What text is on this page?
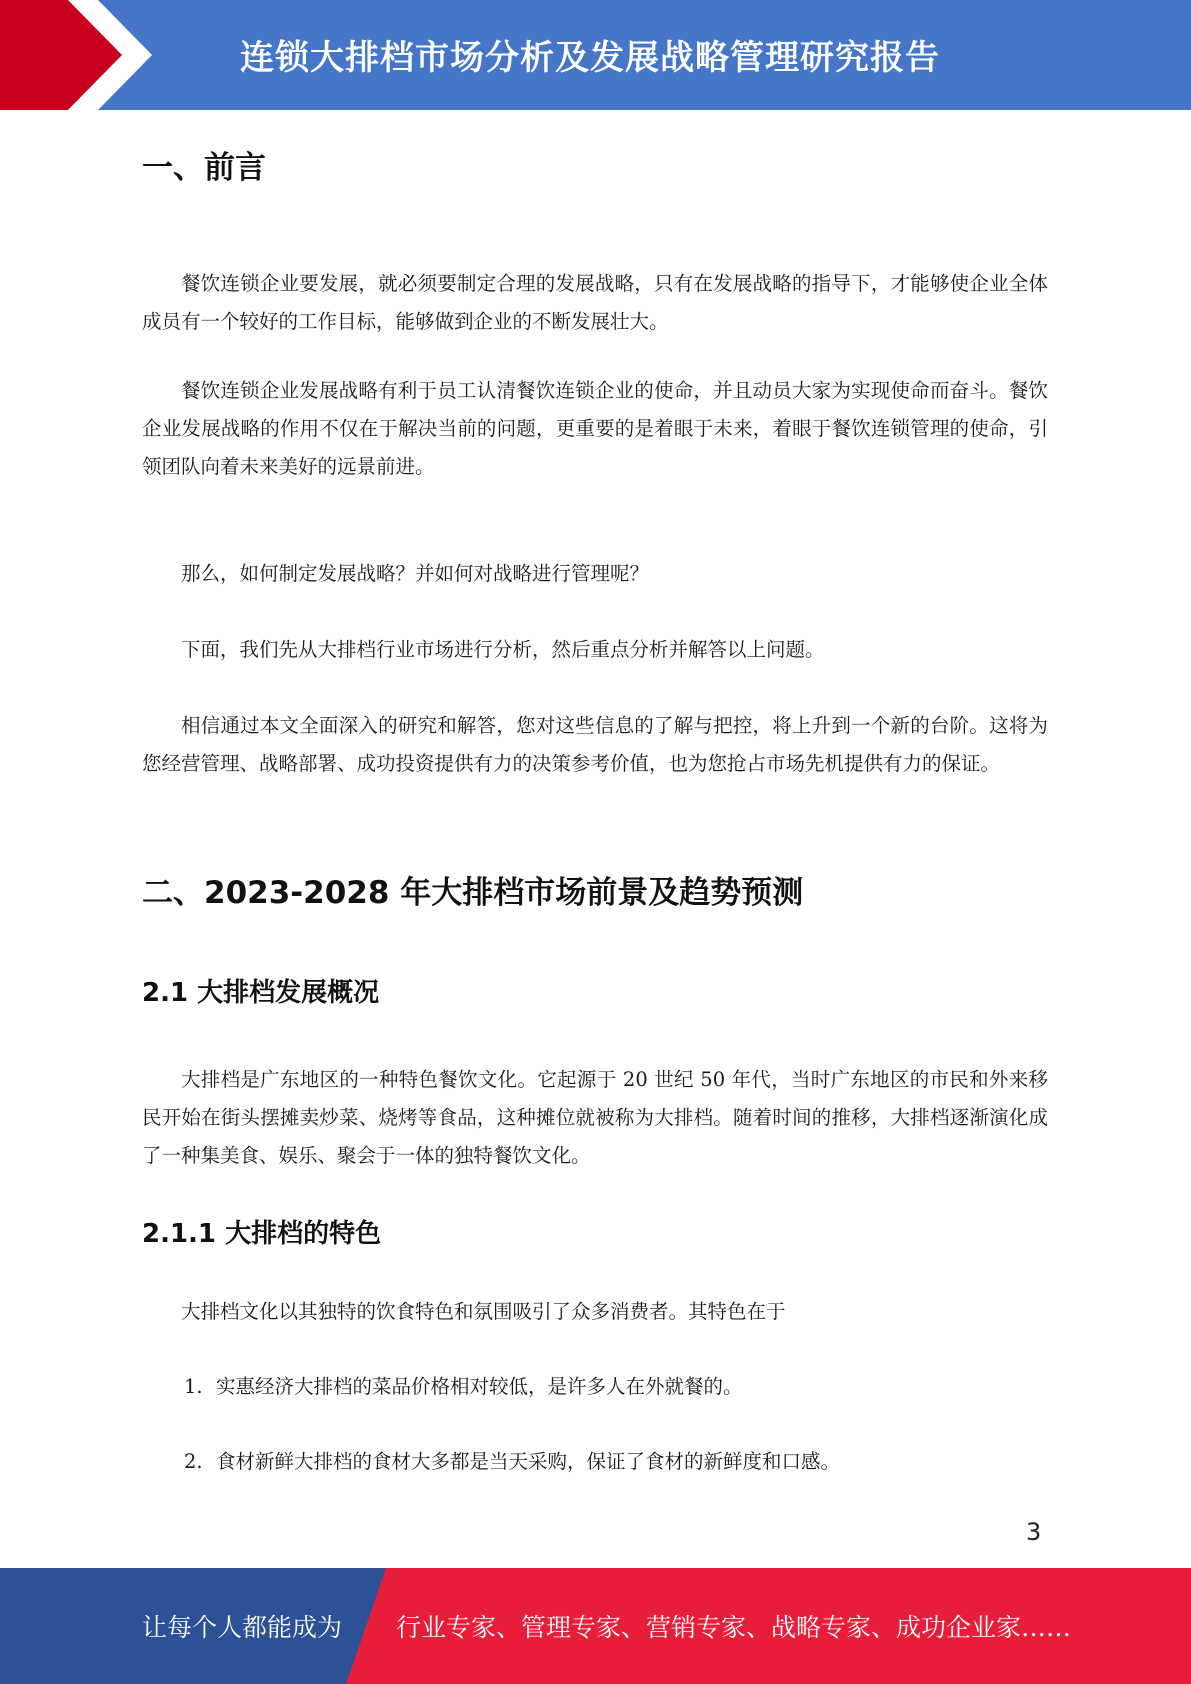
连锁大排档市场分析及发展战略管理研究报告
一、前言
餐饮连锁企业要发展，就必须要制定合理的发展战略，只有在发展战略的指导下，才能够使企业全体成员有一个较好的工作目标，能够做到企业的不断发展壮大。
餐饮连锁企业发展战略有利于员工认清餐饮连锁企业的使命，并且动员大家为实现使命而奋斗。餐饮企业发展战略的作用不仅在于解决当前的问题，更重要的是着眼于未来，着眼于餐饮连锁管理的使命，引领团队向着未来美好的远景前进。
那么，如何制定发展战略？并如何对战略进行管理呢？
下面，我们先从大排档行业市场进行分析，然后重点分析并解答以上问题。
相信通过本文全面深入的研究和解答，您对这些信息的了解与把控，将上升到一个新的台阶。这将为您经营管理、战略部署、成功投资提供有力的决策参考价值，也为您抢占市场先机提供有力的保证。
二、2023-2028 年大排档市场前景及趋势预测
2.1 大排档发展概况
大排档是广东地区的一种特色餐饮文化。它起源于 20 世纪 50 年代，当时广东地区的市民和外来移民开始在街头摆摊卖炒菜、烧烤等食品，这种摊位就被称为大排档。随着时间的推移，大排档逐渐演化成了一种集美食、娱乐、聚会于一体的独特餐饮文化。
2.1.1 大排档的特色
大排档文化以其独特的饮食特色和氛围吸引了众多消费者。其特色在于
1. 实惠经济大排档的菜品价格相对较低，是许多人在外就餐的。
2. 食材新鲜大排档的食材大多都是当天采购，保证了食材的新鲜度和口感。
3
让每个人都能成为 行业专家、管理专家、营销专家、战略专家、成功企业家……
